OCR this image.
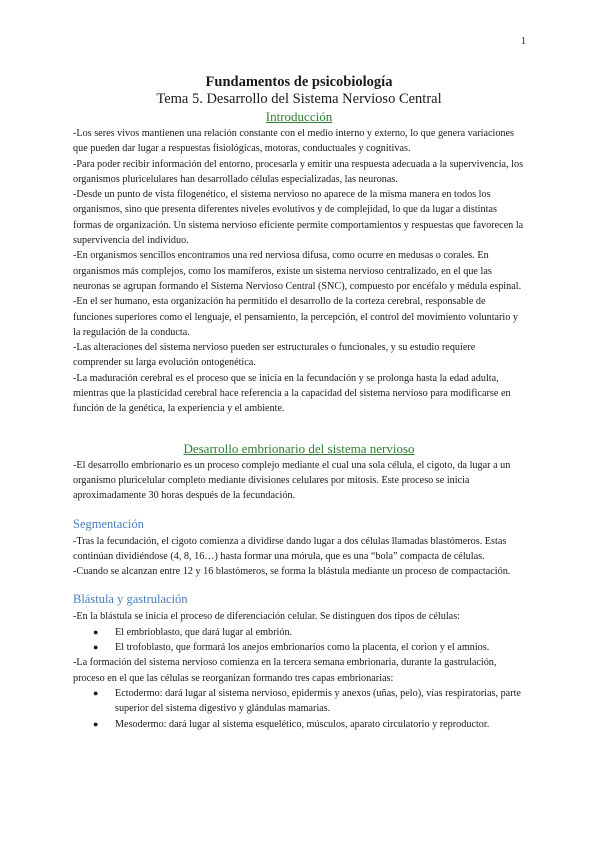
1
Fundamentos de psicobiología
Tema 5. Desarrollo del Sistema Nervioso Central
Introducción

-Los seres vivos mantienen una relación constante con el medio interno y externo, lo que genera variaciones que pueden dar lugar a respuestas fisiológicas, motoras, conductuales y cognitivas.

-Para poder recibir información del entorno, procesarla y emitir una respuesta adecuada a la supervivencia, los organismos pluricelulares han desarrollado células especializadas, las neuronas.

-Desde un punto de vista filogenético, el sistema nervioso no aparece de la misma manera en todos los organismos, sino que presenta diferentes niveles evolutivos y de complejidad, lo que da lugar a distintas formas de organización. Un sistema nervioso eficiente permite comportamientos y respuestas que favorecen la supervivencia del individuo.

-En organismos sencillos encontramos una red nerviosa difusa, como ocurre en medusas o corales. En organismos más complejos, como los mamíferos, existe un sistema nervioso centralizado, en el que las neuronas se agrupan formando el Sistema Nervioso Central (SNC), compuesto por encéfalo y médula espinal.

-En el ser humano, esta organización ha permitido el desarrollo de la corteza cerebral, responsable de funciones superiores como el lenguaje, el pensamiento, la percepción, el control del movimiento voluntario y la regulación de la conducta.

-Las alteraciones del sistema nervioso pueden ser estructurales o funcionales, y su estudio requiere comprender su larga evolución ontogenética.

-La maduración cerebral es el proceso que se inicia en la fecundación y se prolonga hasta la edad adulta, mientras que la plasticidad cerebral hace referencia a la capacidad del sistema nervioso para modificarse en función de la genética, la experiencia y el ambiente.

Desarrollo embrionario del sistema nervioso

-El desarrollo embrionario es un proceso complejo mediante el cual una sola célula, el cigoto, da lugar a un organismo pluricelular completo mediante divisiones celulares por mitosis. Este proceso se inicia aproximadamente 30 horas después de la fecundación.

Segmentación

-Tras la fecundación, el cigoto comienza a dividirse dando lugar a dos células llamadas blastómeros. Estas continúan dividiéndose (4, 8, 16…) hasta formar una mórula, que es una “bola” compacta de células.

-Cuando se alcanzan entre 12 y 16 blastómeros, se forma la blástula mediante un proceso de compactación.

Blástula y gastrulación

-En la blástula se inicia el proceso de diferenciación celular. Se distinguen dos tipos de células:

● El embrioblasto, que dará lugar al embrión.
● El trofoblasto, que formará los anejos embrionarios como la placenta, el corion y el amnios.

-La formación del sistema nervioso comienza en la tercera semana embrionaria, durante la gastrulación, proceso en el que las células se reorganizan formando tres capas embrionarias:

● Ectodermo: dará lugar al sistema nervioso, epidermis y anexos (uñas, pelo), vías respiratorias, parte superior del sistema digestivo y glándulas mamarias.
● Mesodermo: dará lugar al sistema esquelético, músculos, aparato circulatorio y reproductor.
